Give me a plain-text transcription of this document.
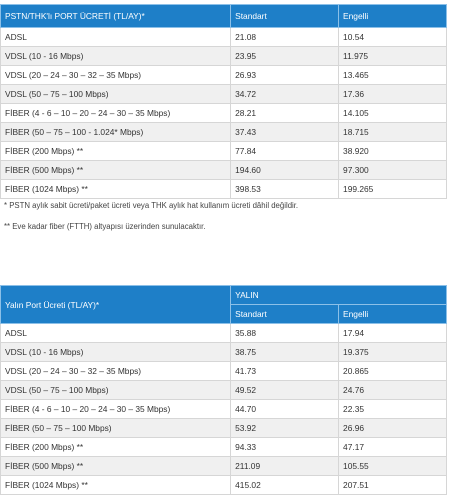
PSTN/THK'lı PORT ÜCRETİ (TL/AY)*	Standart	Engelli
ADSL	21.08	10.54
VDSL (10 - 16 Mbps)	23.95	11.975
VDSL (20 – 24 – 30 – 32 – 35 Mbps)	26.93	13.465
VDSL (50 – 75 – 100 Mbps)	34.72	17.36
FİBER (4 - 6 – 10 – 20 – 24 – 30 – 35 Mbps)	28.21	14.105
FİBER (50 – 75 – 100 - 1.024* Mbps)	37.43	18.715
FİBER (200 Mbps) **	77.84	38.920
FİBER (500 Mbps) **	194.60	97.300
FİBER (1024 Mbps) **	398.53	199.265
* PSTN aylık sabit ücreti/paket ücreti veya THK aylık hat kullanım ücreti dâhil değildir.
** Eve kadar fiber (FTTH) altyapısı üzerinden sunulacaktır.
Yalın Port Ücreti (TL/AY)*	YALIN	
	Standart	Engelli
ADSL	35.88	17.94
VDSL (10 - 16 Mbps)	38.75	19.375
VDSL (20 – 24 – 30 – 32 – 35 Mbps)	41.73	20.865
VDSL (50 – 75 – 100 Mbps)	49.52	24.76
FİBER (4 - 6 – 10 – 20 – 24 – 30 – 35 Mbps)	44.70	22.35
FİBER (50 – 75 – 100 Mbps)	53.92	26.96
FİBER (200 Mbps) **	94.33	47.17
FİBER (500 Mbps) **	211.09	105.55
FİBER (1024 Mbps) **	415.02	207.51
